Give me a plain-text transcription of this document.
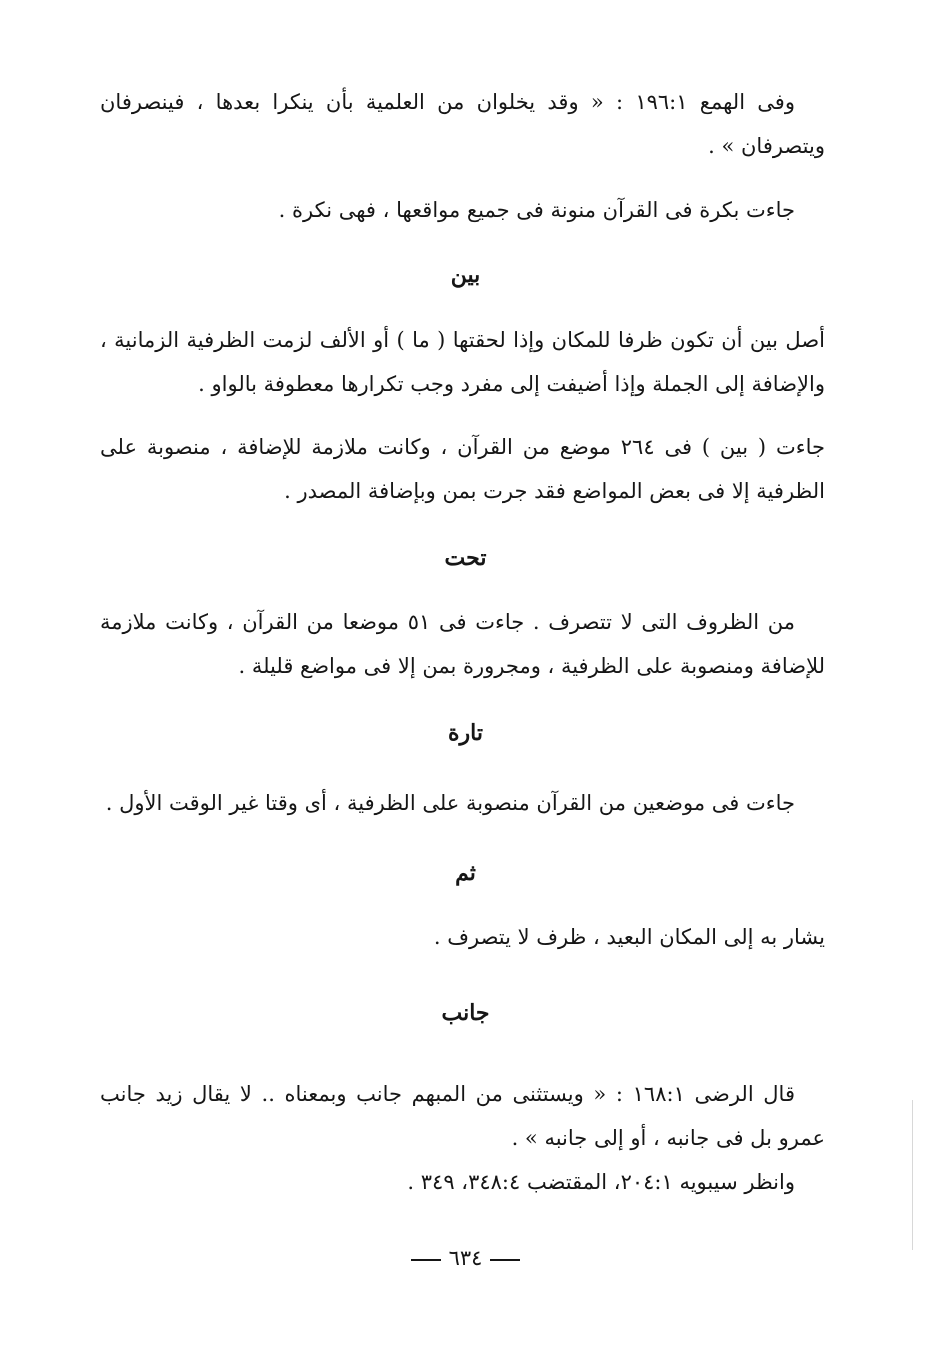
وفى الهمع ١٩٦:١ : « وقد يخلوان من العلمية بأن ينكرا بعدها ، فينصرفان ويتصرفان » .

جاءت بكرة فى القرآن منونة فى جميع مواقعها ، فهى نكرة .

بين

أصل بين أن تكون ظرفا للمكان وإذا لحقتها ( ما ) أو الألف لزمت الظرفية الزمانية ، والإضافة إلى الجملة وإذا أضيفت إلى مفرد وجب تكرارها معطوفة بالواو .

جاءت ( بين ) فى ٢٦٤ موضع من القرآن ، وكانت ملازمة للإضافة ، منصوبة على الظرفية إلا فى بعض المواضع فقد جرت بمن وبإضافة المصدر .

تحت

من الظروف التى لا تتصرف . جاءت فى ٥١ موضعا من القرآن ، وكانت ملازمة للإضافة ومنصوبة على الظرفية ، ومجرورة بمن إلا فى مواضع قليلة .

تارة

جاءت فى موضعين من القرآن منصوبة على الظرفية ، أى وقتا غير الوقت الأول .

ثم

يشار به إلى المكان البعيد ، ظرف لا يتصرف .

جانب

قال الرضى ١٦٨:١ : « ويستثنى من المبهم جانب وبمعناه .. لا يقال زيد جانب عمرو بل فى جانبه ، أو إلى جانبه » .

وانظر سيبويه ٢٠٤:١، المقتضب ٣٤٨:٤، ٣٤٩ .

٦٣٤
